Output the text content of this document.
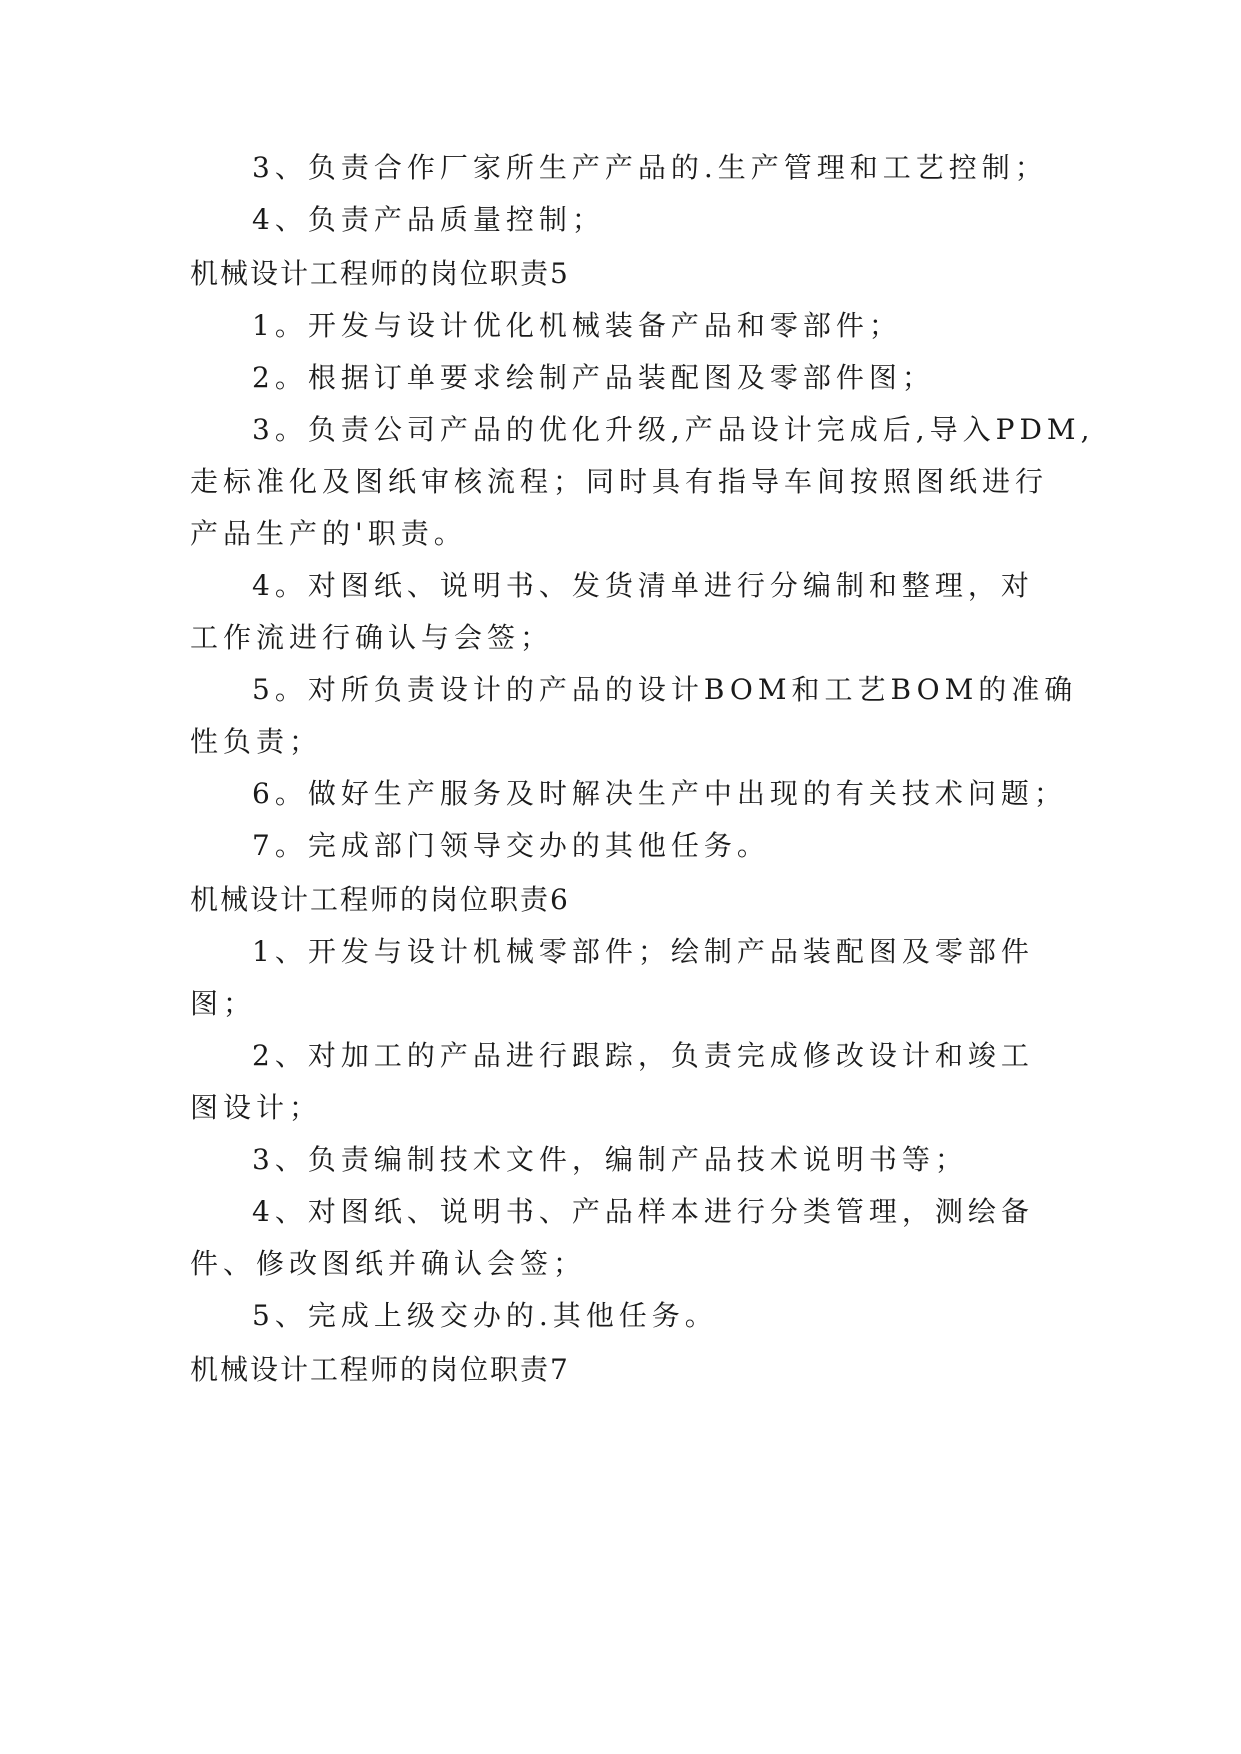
3、负责合作厂家所生产产品的.生产管理和工艺控制；
4、负责产品质量控制；
机械设计工程师的岗位职责5
1。开发与设计优化机械装备产品和零部件；
2。根据订单要求绘制产品装配图及零部件图；
3。负责公司产品的优化升级,产品设计完成后,导入PDM,
走标准化及图纸审核流程；同时具有指导车间按照图纸进行
产品生产的'职责。
4。对图纸、说明书、发货清单进行分编制和整理，对
工作流进行确认与会签；
5。对所负责设计的产品的设计BOM和工艺BOM的准确
性负责；
6。做好生产服务及时解决生产中出现的有关技术问题；
7。完成部门领导交办的其他任务。
机械设计工程师的岗位职责6
1、开发与设计机械零部件；绘制产品装配图及零部件
图；
2、对加工的产品进行跟踪，负责完成修改设计和竣工
图设计；
3、负责编制技术文件，编制产品技术说明书等；
4、对图纸、说明书、产品样本进行分类管理，测绘备
件、修改图纸并确认会签；
5、完成上级交办的.其他任务。
机械设计工程师的岗位职责7
